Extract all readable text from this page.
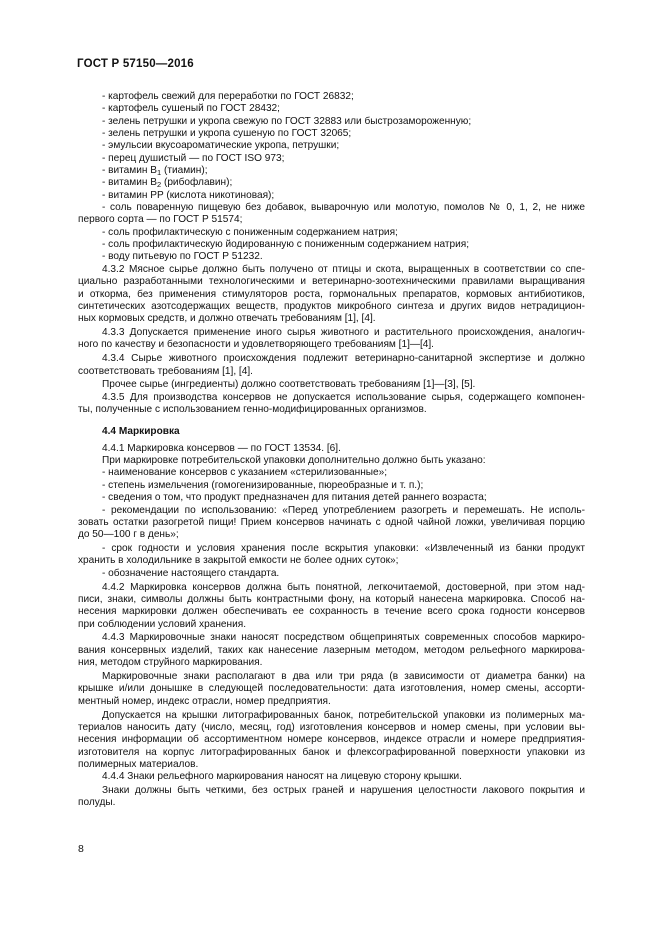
ГОСТ Р 57150—2016

- картофель свежий для переработки по ГОСТ 26832;

- картофель сушеный по ГОСТ 28432;

- зелень петрушки и укропа свежую по ГОСТ 32883 или быстрозамороженную;

- зелень петрушки и укропа сушеную по ГОСТ 32065;

- эмульсии вкусоароматические укропа, петрушки;

- перец душистый — по ГОСТ ISO 973;

- витамин $B_1$ (тиамин);

- витамин $B_2$ (рибофлавин);

- витамин PP (кислота никотиновая);

- соль поваренную пищевую без добавок, выварочную или молотую, помолов № 0, 1, 2, не ниже

первого сорта — по ГОСТ Р 51574;

- соль профилактическую с пониженным содержанием натрия;

- соль профилактическую йодированную с пониженным содержанием натрия;

- воду питьевую по ГОСТ Р 51232.

4.3.2 Мясное сырье должно быть получено от птицы и скота, выращенных в соответствии со спе-

циально разработанными технологическими и ветеринарно-зоотехническими правилами выращивания

и откорма, без применения стимуляторов роста, гормональных препаратов, кормовых антибиотиков,

синтетических азотсодержащих веществ, продуктов микробного синтеза и других видов нетрадицион-

ных кормовых средств, и должно отвечать требованиям [1], [4].

4.3.3 Допускается применение иного сырья животного и растительного происхождения, аналогич-

ного по качеству и безопасности и удовлетворяющего требованиям [1]—[4].

4.3.4 Сырье животного происхождения подлежит ветеринарно-санитарной экспертизе и должно

соответствовать требованиям [1], [4].

Прочее сырье (ингредиенты) должно соответствовать требованиям [1]—[3], [5].

4.3.5 Для производства консервов не допускается использование сырья, содержащего компонен-

ты, полученные с использованием генно-модифицированных организмов.

4.4 Маркировка

4.4.1 Маркировка консервов — по ГОСТ 13534. [6].

При маркировке потребительской упаковки дополнительно должно быть указано:

- наименование консервов с указанием «стерилизованные»;

- степень измельчения (гомогенизированные, пюреобразные и т. п.);

- сведения о том, что продукт предназначен для питания детей раннего возраста;

- рекомендации по использованию: «Перед употреблением разогреть и перемешать. Не исполь-

зовать остатки разогретой пищи! Прием консервов начинать с одной чайной ложки, увеличивая порцию

до 50—100 г в день»;

- срок годности и условия хранения после вскрытия упаковки: «Извлеченный из банки продукт

хранить в холодильнике в закрытой емкости не более одних суток»;

- обозначение настоящего стандарта.

4.4.2 Маркировка консервов должна быть понятной, легкочитаемой, достоверной, при этом над-

писи, знаки, символы должны быть контрастными фону, на который нанесена маркировка. Способ на-

несения маркировки должен обеспечивать ее сохранность в течение всего срока годности консервов

при соблюдении условий хранения.

4.4.3 Маркировочные знаки наносят посредством общепринятых современных способов маркиро-

вания консервных изделий, таких как нанесение лазерным методом, методом рельефного маркирова-

ния, методом струйного маркирования.

Маркировочные знаки располагают в два или три ряда (в зависимости от диаметра банки) на

крышке и/или донышке в следующей последовательности: дата изготовления, номер смены, ассорти-

ментный номер, индекс отрасли, номер предприятия.

Допускается на крышки литографированных банок, потребительской упаковки из полимерных ма-

териалов наносить дату (число, месяц, год) изготовления консервов и номер смены, при условии вы-

несения информации об ассортиментном номере консервов, индексе отрасли и номере предприятия-

изготовителя на корпус литографированных банок и флексографированной поверхности упаковки из

полимерных материалов.

4.4.4 Знаки рельефного маркирования наносят на лицевую сторону крышки.

Знаки должны быть четкими, без острых граней и нарушения целостности лакового покрытия и

полуды.

8
